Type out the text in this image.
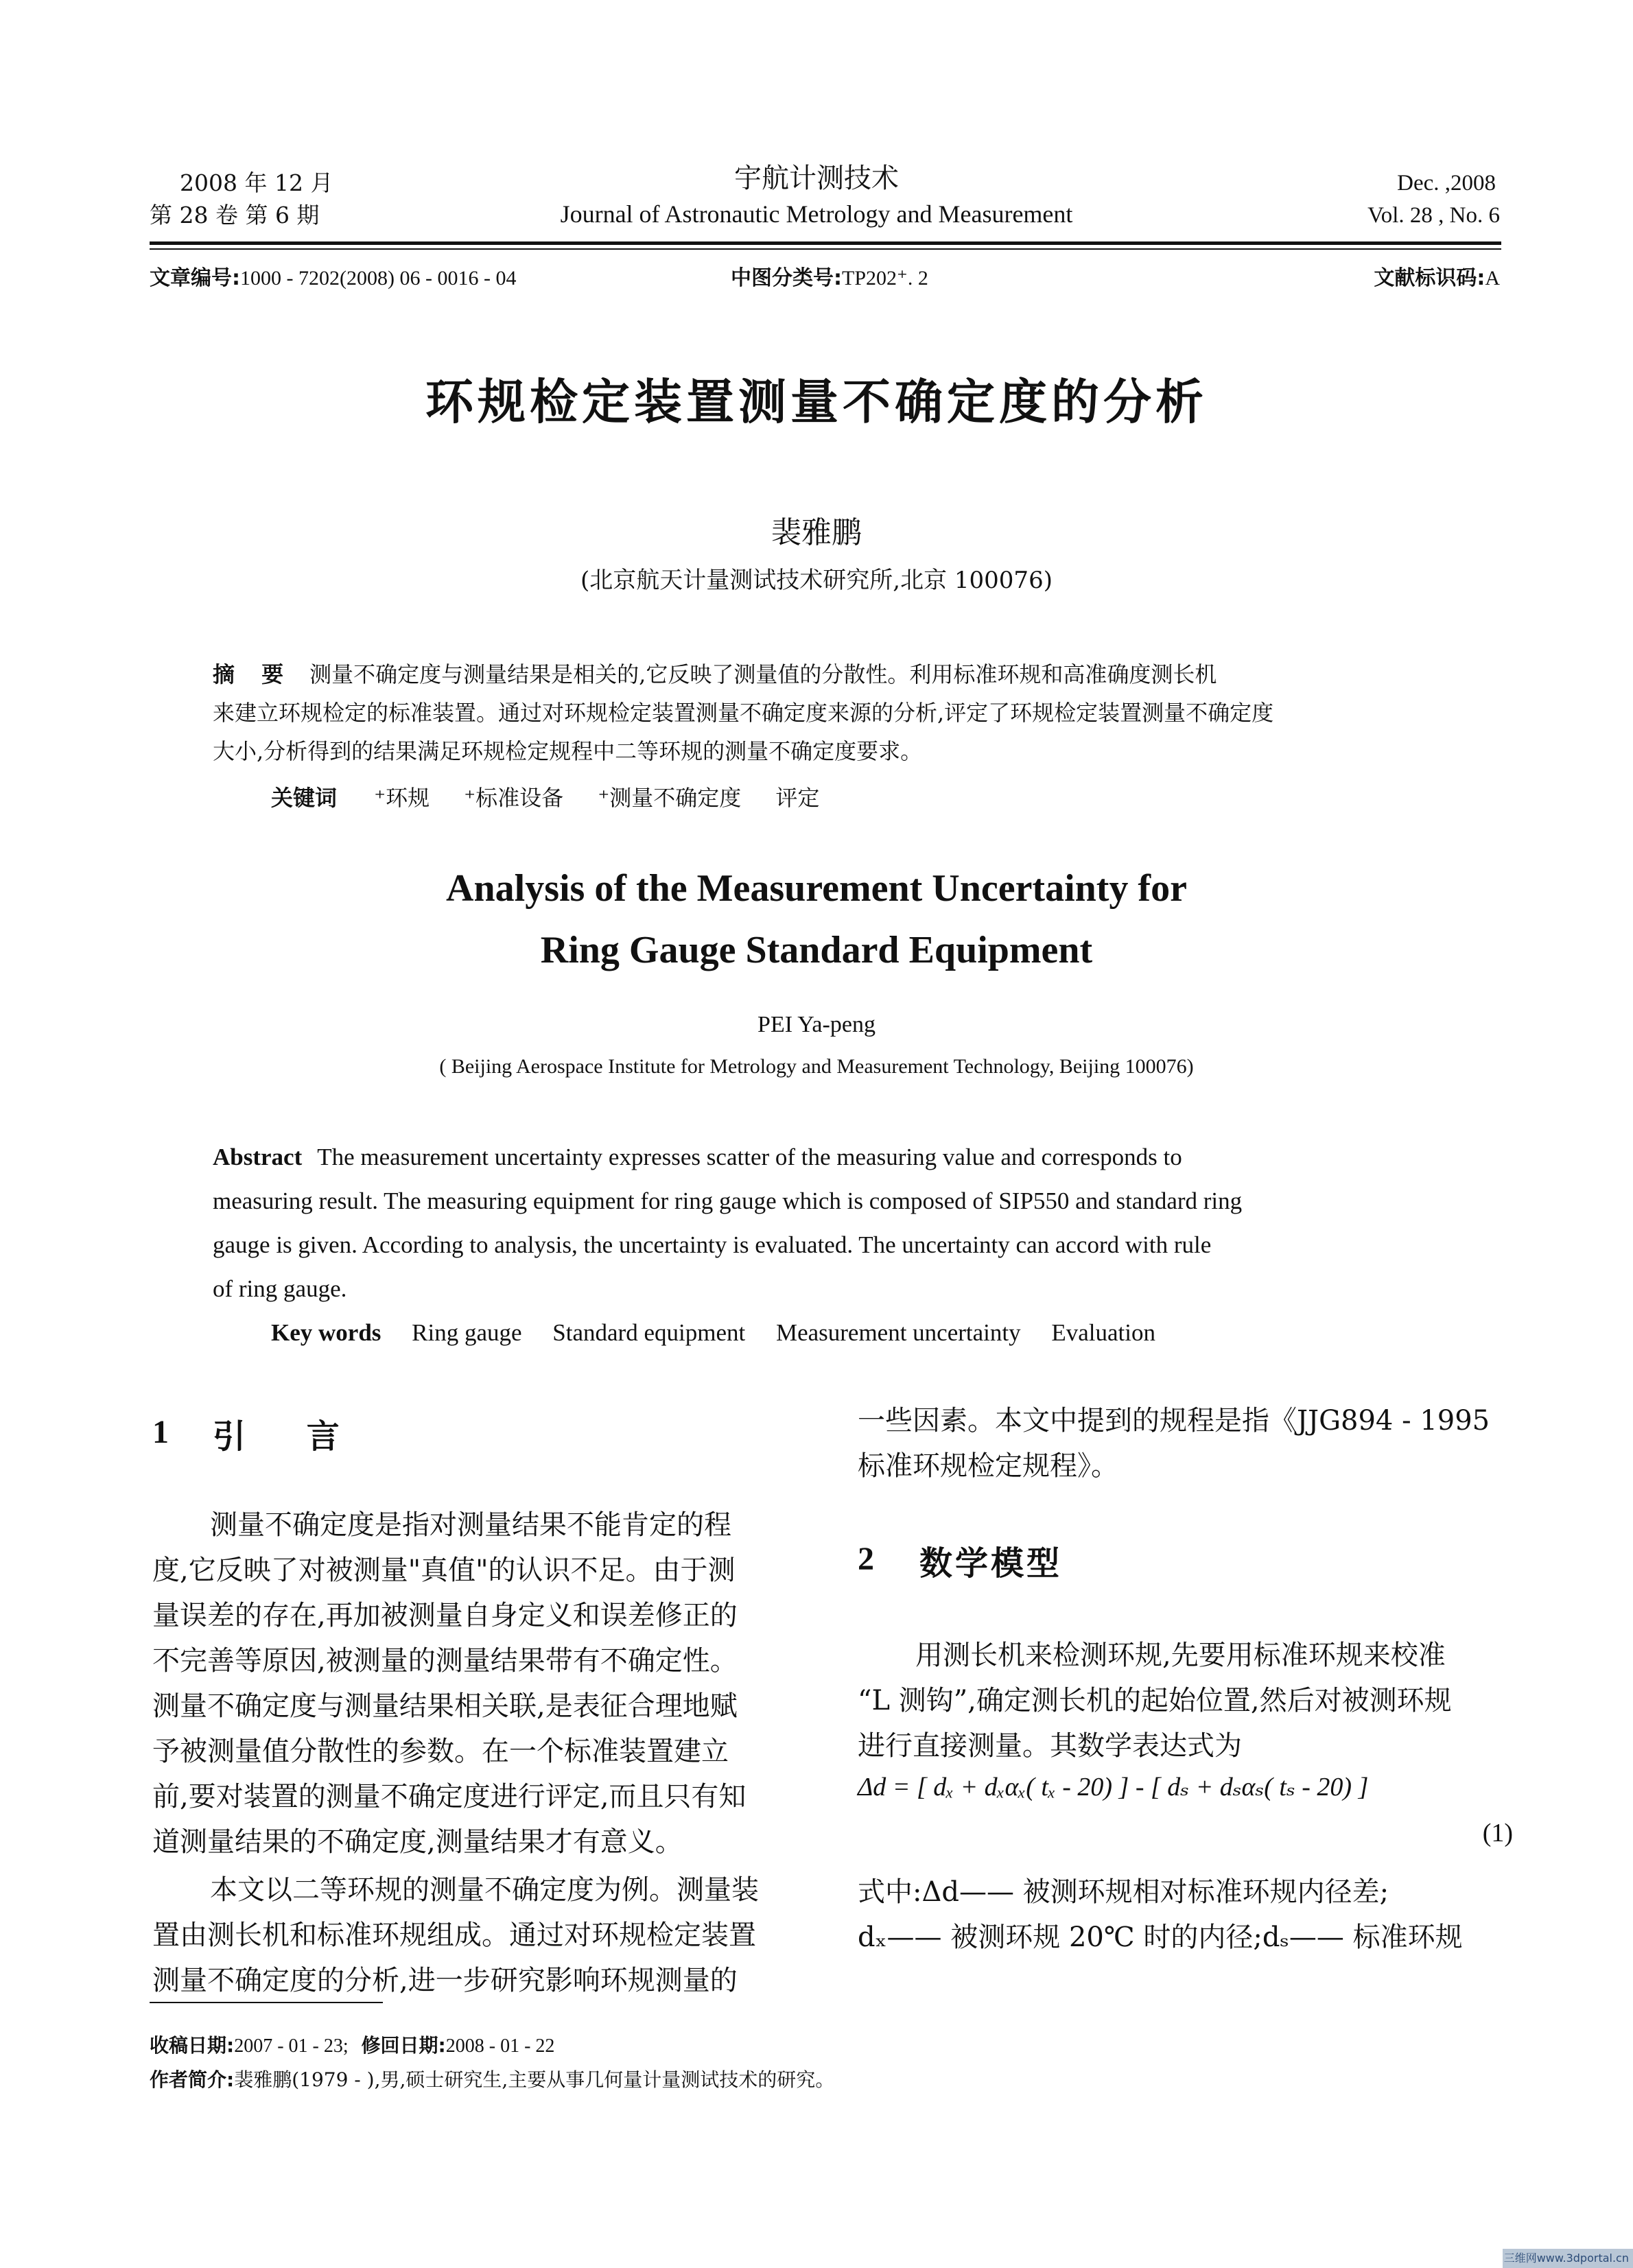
2008 年 12 月
第 28 卷 第 6 期
宇航计测技术
Journal of Astronautic Metrology and Measurement
Dec. ,2008
Vol. 28 , No. 6
文章编号:1000 - 7202(2008) 06 - 0016 - 04	中图分类号:TP202⁺. 2	文献标识码:A
环规检定装置测量不确定度的分析
裴雅鹏
(北京航天计量测试技术研究所,北京 100076)
摘 要 测量不确定度与测量结果是相关的,它反映了测量值的分散性。利用标准环规和高准确度测长机
来建立环规检定的标准装置。通过对环规检定装置测量不确定度来源的分析,评定了环规检定装置测量不确定度
大小,分析得到的结果满足环规检定规程中二等环规的测量不确定度要求。
关键词 ⁺环规 ⁺标准设备 ⁺测量不确定度 评定
Analysis of the Measurement Uncertainty for
Ring Gauge Standard Equipment
PEI Ya-peng
( Beijing Aerospace Institute for Metrology and Measurement Technology, Beijing 100076)
Abstract The measurement uncertainty expresses scatter of the measuring value and corresponds to
measuring result. The measuring equipment for ring gauge which is composed of SIP550 and standard ring
gauge is given. According to analysis, the uncertainty is evaluated. The uncertainty can accord with rule
of ring gauge.
Key words Ring gauge Standard equipment Measurement uncertainty Evaluation
1 引 言
测量不确定度是指对测量结果不能肯定的程
度,它反映了对被测量"真值"的认识不足。由于测
量误差的存在,再加被测量自身定义和误差修正的
不完善等原因,被测量的测量结果带有不确定性。
测量不确定度与测量结果相关联,是表征合理地赋
予被测量值分散性的参数。在一个标准装置建立
前,要对装置的测量不确定度进行评定,而且只有知
道测量结果的不确定度,测量结果才有意义。
本文以二等环规的测量不确定度为例。测量装
置由测长机和标准环规组成。通过对环规检定装置
测量不确定度的分析,进一步研究影响环规测量的
一些因素。本文中提到的规程是指《JJG894 - 1995
标准环规检定规程》。
2 数学模型
用测长机来检测环规,先要用标准环规来校准
“L 测钩”,确定测长机的起始位置,然后对被测环规
进行直接测量。其数学表达式为
Δd = [ dₓ + dₓαₓ( tₓ - 20) ] - [ dₛ + dₛαₛ( tₛ - 20) ]
(1)
式中:Δd—— 被测环规相对标准环规内径差;
dₓ—— 被测环规 20℃ 时的内径;dₛ—— 标准环规
收稿日期:2007 - 01 - 23; 修回日期:2008 - 01 - 22
作者简介:裴雅鹏(1979 - ),男,硕士研究生,主要从事几何量计量测试技术的研究。
三维网www.3dportal.cn
